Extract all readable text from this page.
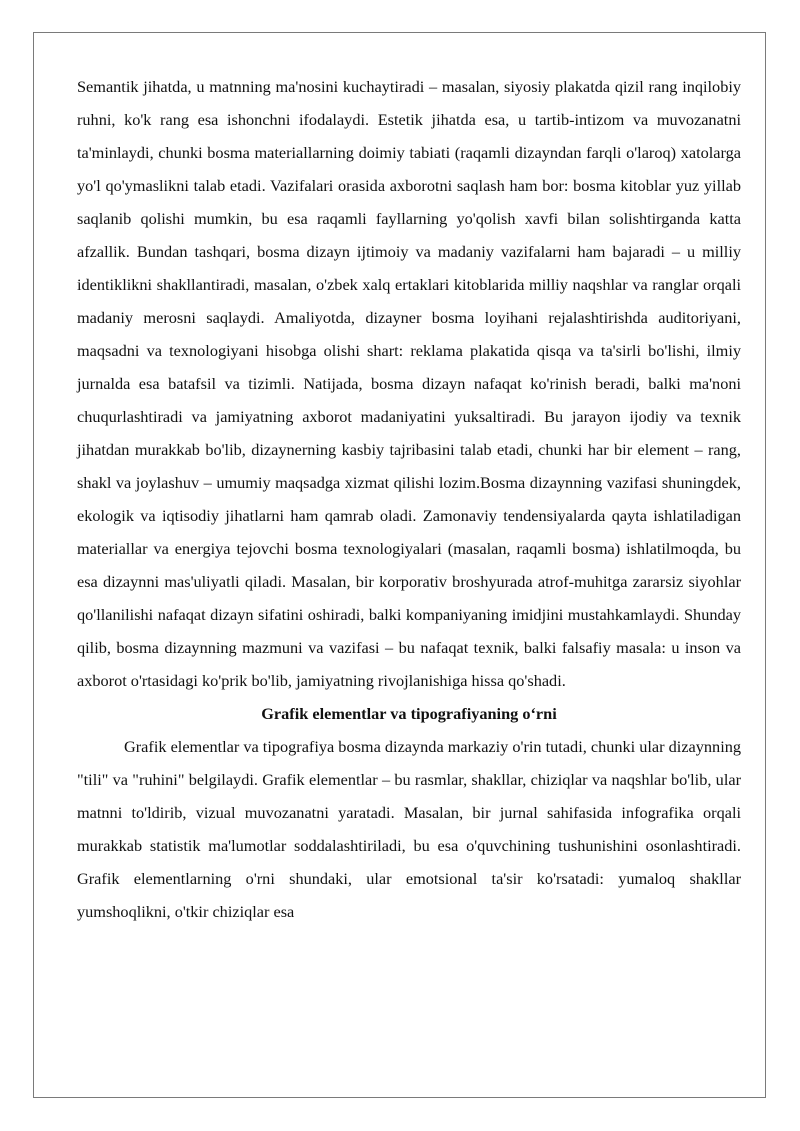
Semantik jihatda, u matnning ma'nosini kuchaytiradi – masalan, siyosiy plakatda qizil rang inqilobiy ruhni, ko'k rang esa ishonchni ifodalaydi. Estetik jihatda esa, u tartib-intizom va muvozanatni ta'minlaydi, chunki bosma materiallarning doimiy tabiati (raqamli dizayndan farqli o'laroq) xatolarga yo'l qo'ymaslikni talab etadi. Vazifalari orasida axborotni saqlash ham bor: bosma kitoblar yuz yillab saqlanib qolishi mumkin, bu esa raqamli fayllarning yo'qolish xavfi bilan solishtirganda katta afzallik. Bundan tashqari, bosma dizayn ijtimoiy va madaniy vazifalarni ham bajaradi – u milliy identiklikni shakllantiradi, masalan, o'zbek xalq ertaklari kitoblarida milliy naqshlar va ranglar orqali madaniy merosni saqlaydi. Amaliyotda, dizayner bosma loyihani rejalashtirishda auditoriyani, maqsadni va texnologiyani hisobga olishi shart: reklama plakatida qisqa va ta'sirli bo'lishi, ilmiy jurnalda esa batafsil va tizimli. Natijada, bosma dizayn nafaqat ko'rinish beradi, balki ma'noni chuqurlashtiradi va jamiyatning axborot madaniyatini yuksaltiradi. Bu jarayon ijodiy va texnik jihatdan murakkab bo'lib, dizaynerning kasbiy tajribasini talab etadi, chunki har bir element – rang, shakl va joylashuv – umumiy maqsadga xizmat qilishi lozim.Bosma dizaynning vazifasi shuningdek, ekologik va iqtisodiy jihatlarni ham qamrab oladi. Zamonaviy tendensiyalarda qayta ishlatiladigan materiallar va energiya tejovchi bosma texnologiyalari (masalan, raqamli bosma) ishlatilmoqda, bu esa dizaynni mas'uliyatli qiladi. Masalan, bir korporativ broshyurada atrof-muhitga zararsiz siyohlar qo'llanilishi nafaqat dizayn sifatini oshiradi, balki kompaniyaning imidjini mustahkamlaydi. Shunday qilib, bosma dizaynning mazmuni va vazifasi – bu nafaqat texnik, balki falsafiy masala: u inson va axborot o'rtasidagi ko'prik bo'lib, jamiyatning rivojlanishiga hissa qo'shadi.

Grafik elementlar va tipografiyaning o‘rni

Grafik elementlar va tipografiya bosma dizaynda markaziy o'rin tutadi, chunki ular dizaynning "tili" va "ruhini" belgilaydi. Grafik elementlar – bu rasmlar, shakllar, chiziqlar va naqshlar bo'lib, ular matnni to'ldirib, vizual muvozanatni yaratadi. Masalan, bir jurnal sahifasida infografika orqali murakkab statistik ma'lumotlar soddalashtiriladi, bu esa o'quvchining tushunishini osonlashtiradi. Grafik elementlarning o'rni shundaki, ular emotsional ta'sir ko'rsatadi: yumaloq shakllar yumshoqlikni, o'tkir chiziqlar esa
